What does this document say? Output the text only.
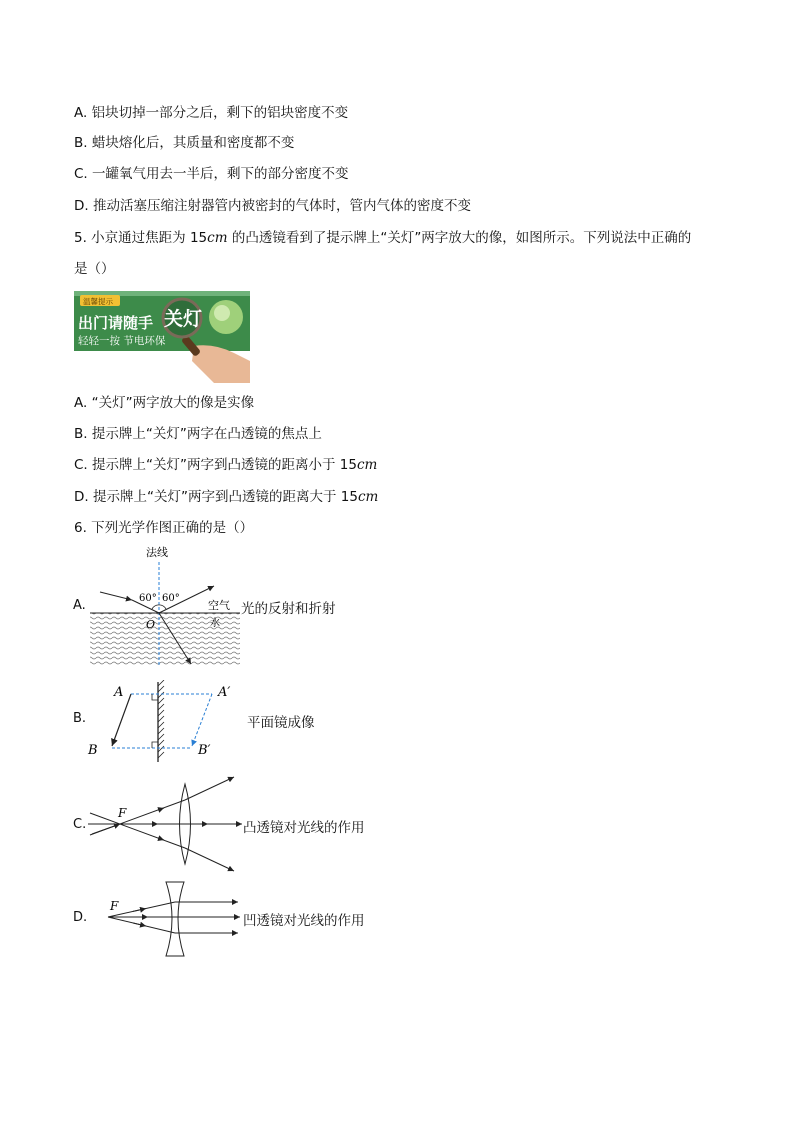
A. 铝块切掉一部分之后，剩下的铝块密度不变
B. 蜡块熔化后，其质量和密度都不变
C. 一罐氧气用去一半后，剩下的部分密度不变
D. 推动活塞压缩注射器管内被密封的气体时，管内气体的密度不变
5. 小京通过焦距为 15cm 的凸透镜看到了提示牌上“关灯”两字放大的像，如图所示。下列说法中正确的
是（）
温馨提示
出门请随手
轻轻一按 节电环保
关灯
A. “关灯”两字放大的像是实像
B. 提示牌上“关灯”两字在凸透镜的焦点上
C. 提示牌上“关灯”两字到凸透镜的距离小于 15cm
D. 提示牌上“关灯”两字到凸透镜的距离大于 15cm
6. 下列光学作图正确的是（）
A.
法线
60° 60°
O
空气
水
光的反射和折射
B.
A
B
A′
B′
平面镜成像
C.
F
凸透镜对光线的作用
D.
F
凹透镜对光线的作用
